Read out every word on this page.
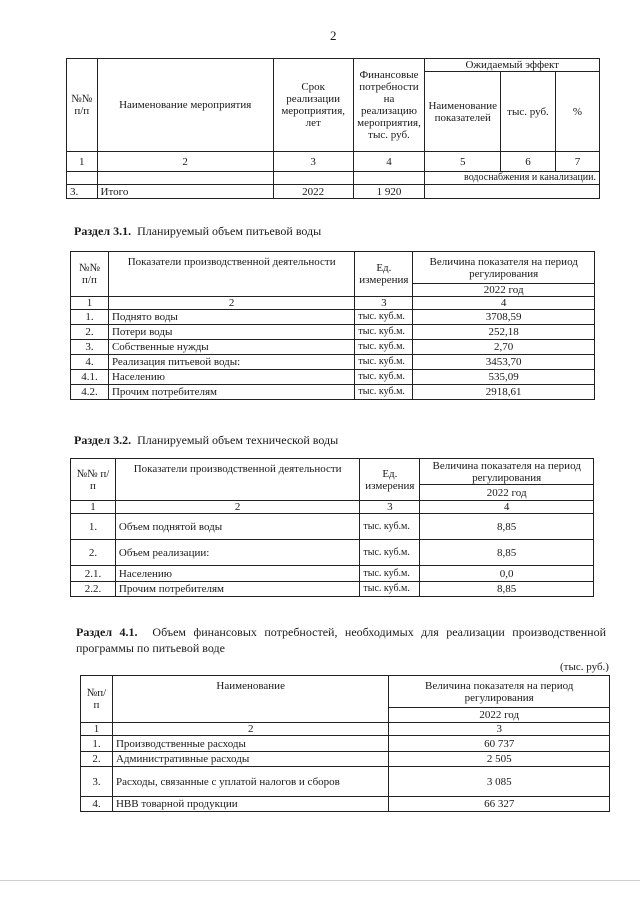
2
№№ п/п	Наименование мероприятия	Срок реализации мероприятия, лет	Финансовые потребности на реализацию мероприятия, тыс. руб.	Ожидаемый эффект		
				Наименование показателей	тыс. руб.	%
1	2	3	4	5	6	7
				водоснабжения и канализации.		
3.	Итого	2022	1 920			
Раздел 3.1. Планируемый объем питьевой воды
№№ п/п	Показатели производственной деятельности	Ед. измерения	Величина показателя на период регулирования
			2022 год
1	2	3	4
1.	Поднято воды	тыс. куб.м.	3708,59
2.	Потери воды	тыс. куб.м.	252,18
3.	Собственные нужды	тыс. куб.м.	2,70
4.	Реализация питьевой воды:	тыс. куб.м.	3453,70
4.1.	Населению	тыс. куб.м.	535,09
4.2.	Прочим потребителям	тыс. куб.м.	2918,61
Раздел 3.2. Планируемый объем технической воды
№№ п/п	Показатели производственной деятельности	Ед. измерения	Величина показателя на период регулирования
			2022 год
1	2	3	4
1.	Объем поднятой воды	тыс. куб.м.	8,85
2.	Объем реализации:	тыс. куб.м.	8,85
2.1.	Населению	тыс. куб.м.	0,0
2.2.	Прочим потребителям	тыс. куб.м.	8,85
Раздел 4.1. Объем финансовых потребностей, необходимых для реализации производственной программы по питьевой воде
(тыс. руб.)
№п/п	Наименование	Величина показателя на период регулирования
		2022 год
1	2	3
1.	Производственные расходы	60 737
2.	Административные расходы	2 505
3.	Расходы, связанные с уплатой налогов и сборов	3 085
4.	НВВ товарной продукции	66 327
